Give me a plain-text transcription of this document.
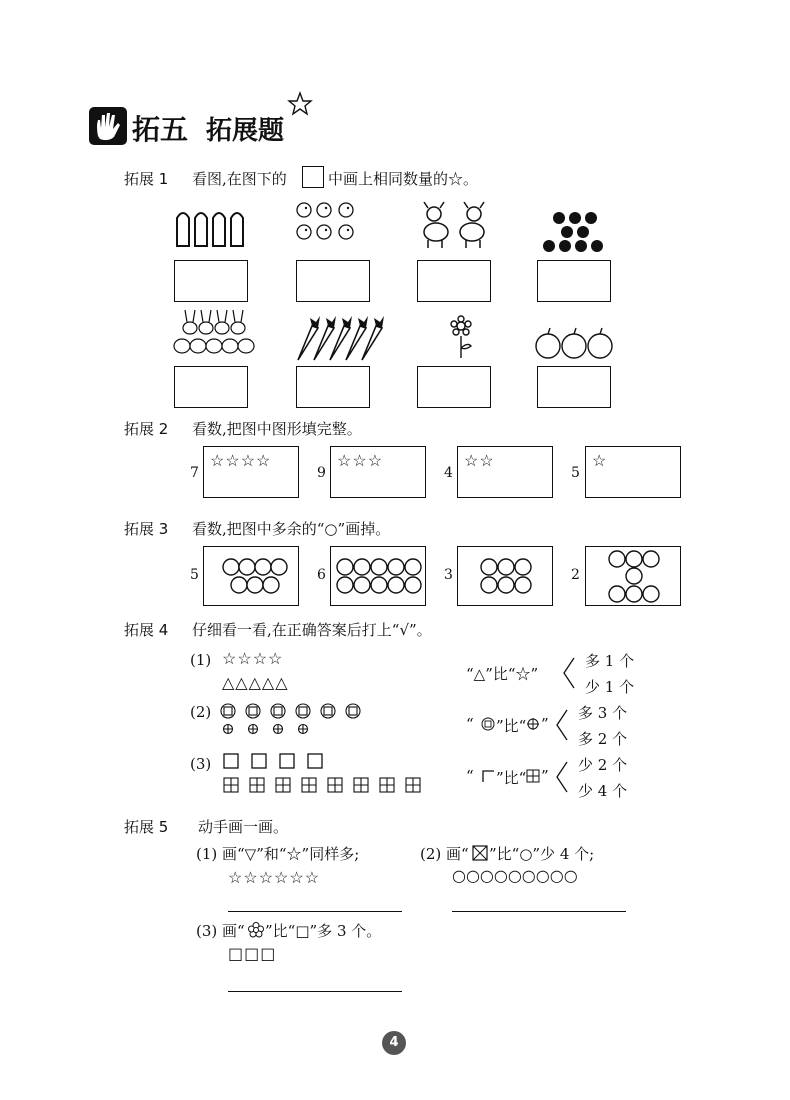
拓五 拓展题
拓展 1 看图,在图下的	中画上相同数量的☆。
拓展 2 看数,把图中图形填完整。
7
☆☆☆☆
9
☆☆☆
4
☆☆
5
☆
拓展 3 看数,把图中多余的“○”画掉。
5	6	3	2
拓展 4 仔细看一看,在正确答案后打上“√”。
(1) ☆☆☆☆
△△△△△	“△”比“☆”
多 1 个
少 1 个
(2)
“ ”比“ ”
多 3 个
多 2 个
(3)
“ ”比“ ”
少 2 个
少 4 个
拓展 5 动手画一画。
(1) 画“▽”和“☆”同样多;
☆☆☆☆☆☆
(2) 画“ ”比“○”少 4 个;
○○○○○○○○○
(3) 画“ ”比“□”多 3 个。
□□□
4
